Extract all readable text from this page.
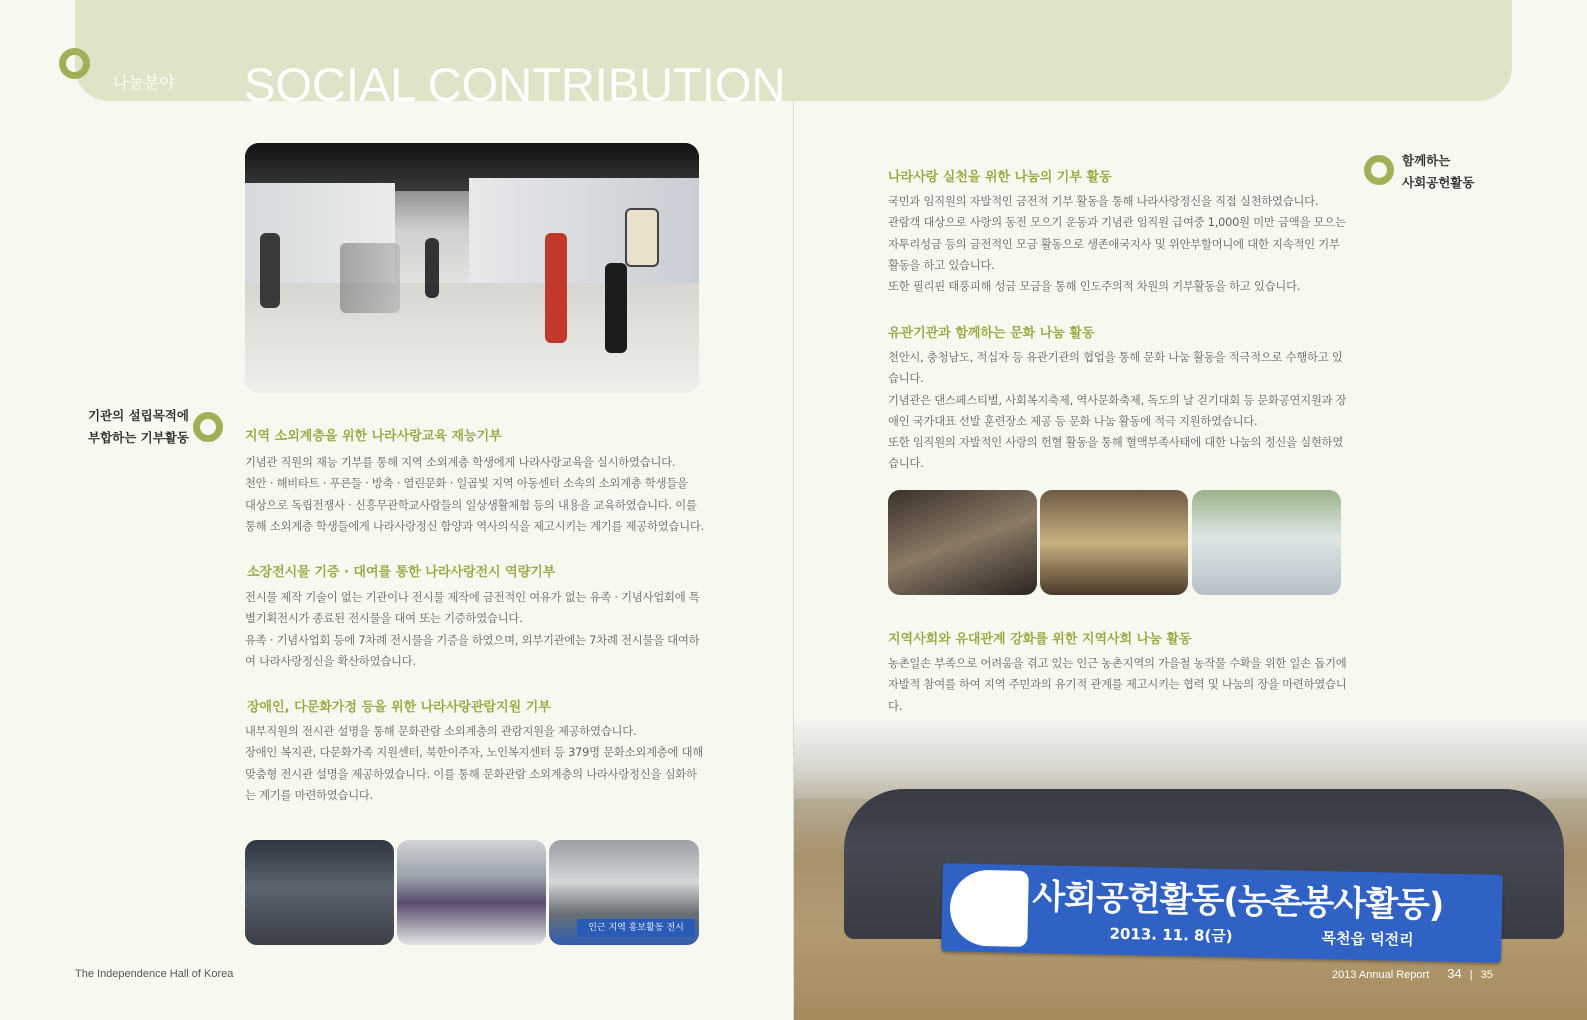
나눔분야 SOCIAL CONTRIBUTION
기관의 설립목적에
부합하는 기부활동	지역 소외계층을 위한 나라사랑교육 재능기부

기념관 직원의 재능 기부를 통해 지역 소외계층 학생에게 나라사랑교육을 실시하였습니다.

천안 · 해비타트 · 푸른들 · 방축 · 열린문화 · 일곱빛 지역 아동센터 소속의 소외계층 학생들을

대상으로 독립전쟁사 · 신흥무관학교사람들의 일상생활체험 등의 내용을 교육하였습니다. 이를

통해 소외계층 학생들에게 나라사랑정신 함양과 역사의식을 제고시키는 계기를 제공하였습니다.

소장전시물 기증 · 대여를 통한 나라사랑전시 역량기부

전시물 제작 기술이 없는 기관이나 전시물 제작에 금전적인 여유가 없는 유족 · 기념사업회에 특

별기획전시가 종료된 전시물을 대여 또는 기증하였습니다.

유족 · 기념사업회 등에 7차례 전시물을 기증을 하였으며, 외부기관에는 7차례 전시물을 대여하

여 나라사랑정신을 확산하였습니다.

장애인, 다문화가정 등을 위한 나라사랑관람지원 기부

내부직원의 전시관 설명을 통해 문화관람 소외계층의 관람지원을 제공하였습니다.

장애인 복지관, 다문화가족 지원센터, 북한이주자, 노인복지센터 등 379명 문화소외계층에 대해

맞춤형 전시관 설명을 제공하였습니다. 이를 통해 문화관람 소외계층의 나라사랑정신을 심화하

는 계기를 마련하였습니다.

인근 지역 홍보활동 전시
함께하는
사회공헌활동
나라사랑 실천을 위한 나눔의 기부 활동

국민과 임직원의 자발적인 금전적 기부 활동을 통해 나라사랑정신을 직접 실천하였습니다.

관람객 대상으로 사랑의 동전 모으기 운동과 기념관 임직원 급여중 1,000원 미만 금액을 모으는

자투리성금 등의 금전적인 모금 활동으로 생존애국지사 및 위안부할머니에 대한 지속적인 기부

활동을 하고 있습니다.

또한 필리핀 태풍피해 성금 모금을 통해 인도주의적 차원의 기부활동을 하고 있습니다.

유관기관과 함께하는 문화 나눔 활동

천안시, 충청남도, 적십자 등 유관기관의 협업을 통해 문화 나눔 활동을 적극적으로 수행하고 있

습니다.

기념관은 댄스페스티벌, 사회복지축제, 역사문화축제, 독도의 날 걷기대회 등 문화공연지원과 장

애인 국가대표 선발 훈련장소 제공 등 문화 나눔 활동에 적극 지원하였습니다.

또한 임직원의 자발적인 사랑의 헌혈 활동을 통해 혈액부족사태에 대한 나눔의 정신을 실현하였

습니다.

지역사회와 유대관계 강화를 위한 지역사회 나눔 활동

농촌일손 부족으로 어려움을 겪고 있는 인근 농촌지역의 가을철 농작물 수확을 위한 일손 돕기에

자발적 참여를 하여 지역 주민과의 유기적 관계를 제고시키는 협력 및 나눔의 장을 마련하였습니다.

사회공헌활동(농촌봉사활동)
2013. 11. 8(금)	목천읍 덕전리
The Independence Hall of Korea	2013 Annual Report 34 | 35
